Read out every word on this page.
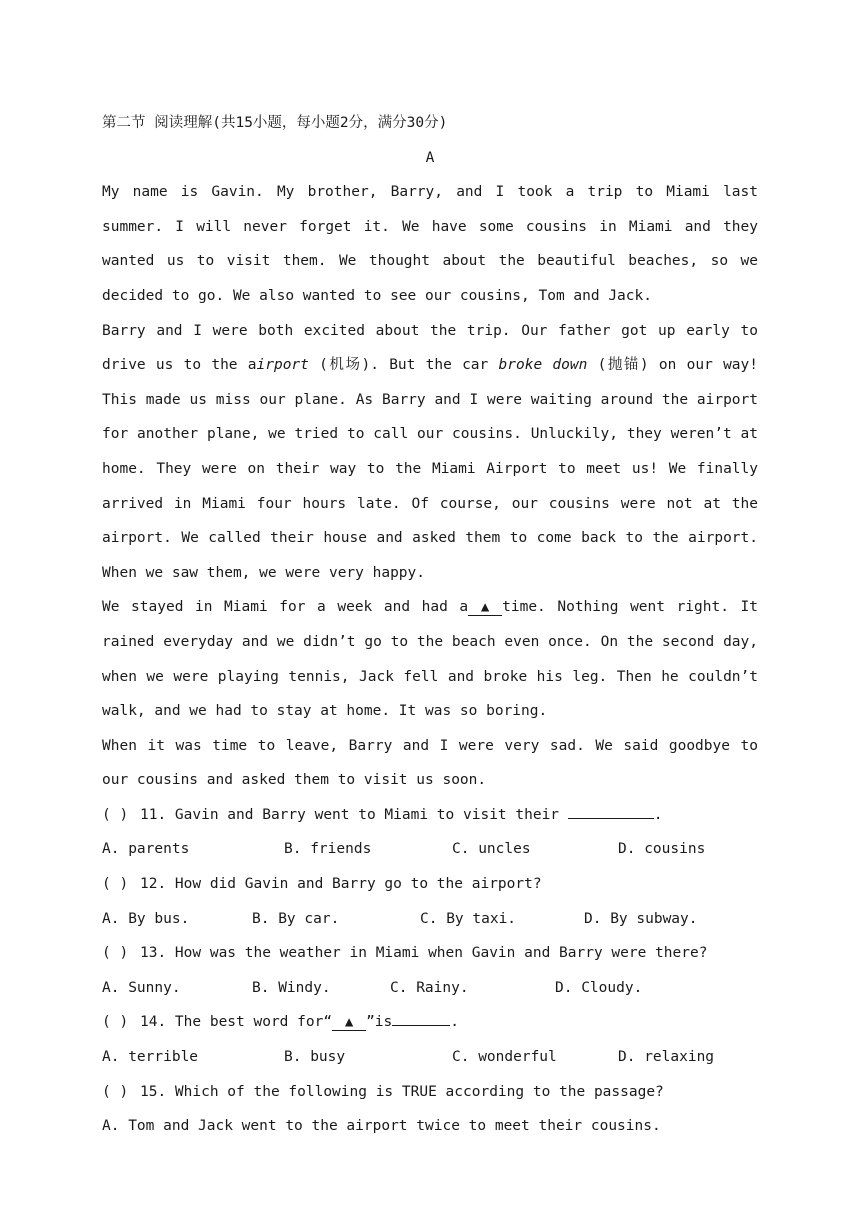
第二节 阅读理解(共15小题，每小题2分，满分30分)
A

My name is Gavin. My brother, Barry, and I took a trip to Miami last summer. I will never forget it. We have some cousins in Miami and they wanted us to visit them. We thought about the beautiful beaches, so we decided to go. We also wanted to see our cousins, Tom and Jack.

Barry and I were both excited about the trip. Our father got up early to drive us to the airport (机场). But the car broke down (抛锚) on our way! This made us miss our plane. As Barry and I were waiting around the airport for another plane, we tried to call our cousins. Unluckily, they weren’t at home. They were on their way to the Miami Airport to meet us! We finally arrived in Miami four hours late. Of course, our cousins were not at the airport. We called their house and asked them to come back to the airport. When we saw them, we were very happy.

We stayed in Miami for a week and had a ▲ time. Nothing went right. It rained everyday and we didn’t go to the beach even once. On the second day, when we were playing tennis, Jack fell and broke his leg. Then he couldn’t walk, and we had to stay at home. It was so boring.

When it was time to leave, Barry and I were very sad. We said goodbye to our cousins and asked them to visit us soon.

( ) 11. Gavin and Barry went to Miami to visit their	.
A. parents	B. friends	C. uncles	D. cousins
( ) 12. How did Gavin and Barry go to the airport?
A. By bus.	B. By car.	C. By taxi.	D. By subway.
( ) 13. How was the weather in Miami when Gavin and Barry were there?
A. Sunny.	B. Windy.	C. Rainy.	D. Cloudy.
( ) 14. The best word for“ ▲ ”is	.
A. terrible	B. busy	C. wonderful	D. relaxing
( ) 15. Which of the following is TRUE according to the passage?
A. Tom and Jack went to the airport twice to meet their cousins.
